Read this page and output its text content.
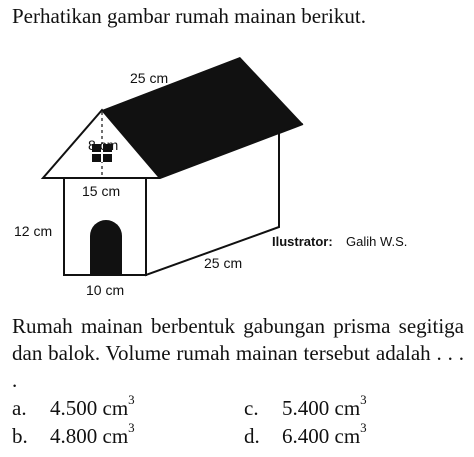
Perhatikan gambar rumah mainan berikut.
25 cm
8 cm
15 cm
12 cm
25 cm
10 cm
Ilustrator: Galih W.S.
Rumah mainan berbentuk gabungan prisma segitiga dan balok. Volume rumah mainan tersebut adalah . . . .
a. 4.500 $cm^3$
b. 4.800 $cm^3$
c. 5.400 $cm^3$
d. 6.400 $cm^3$
